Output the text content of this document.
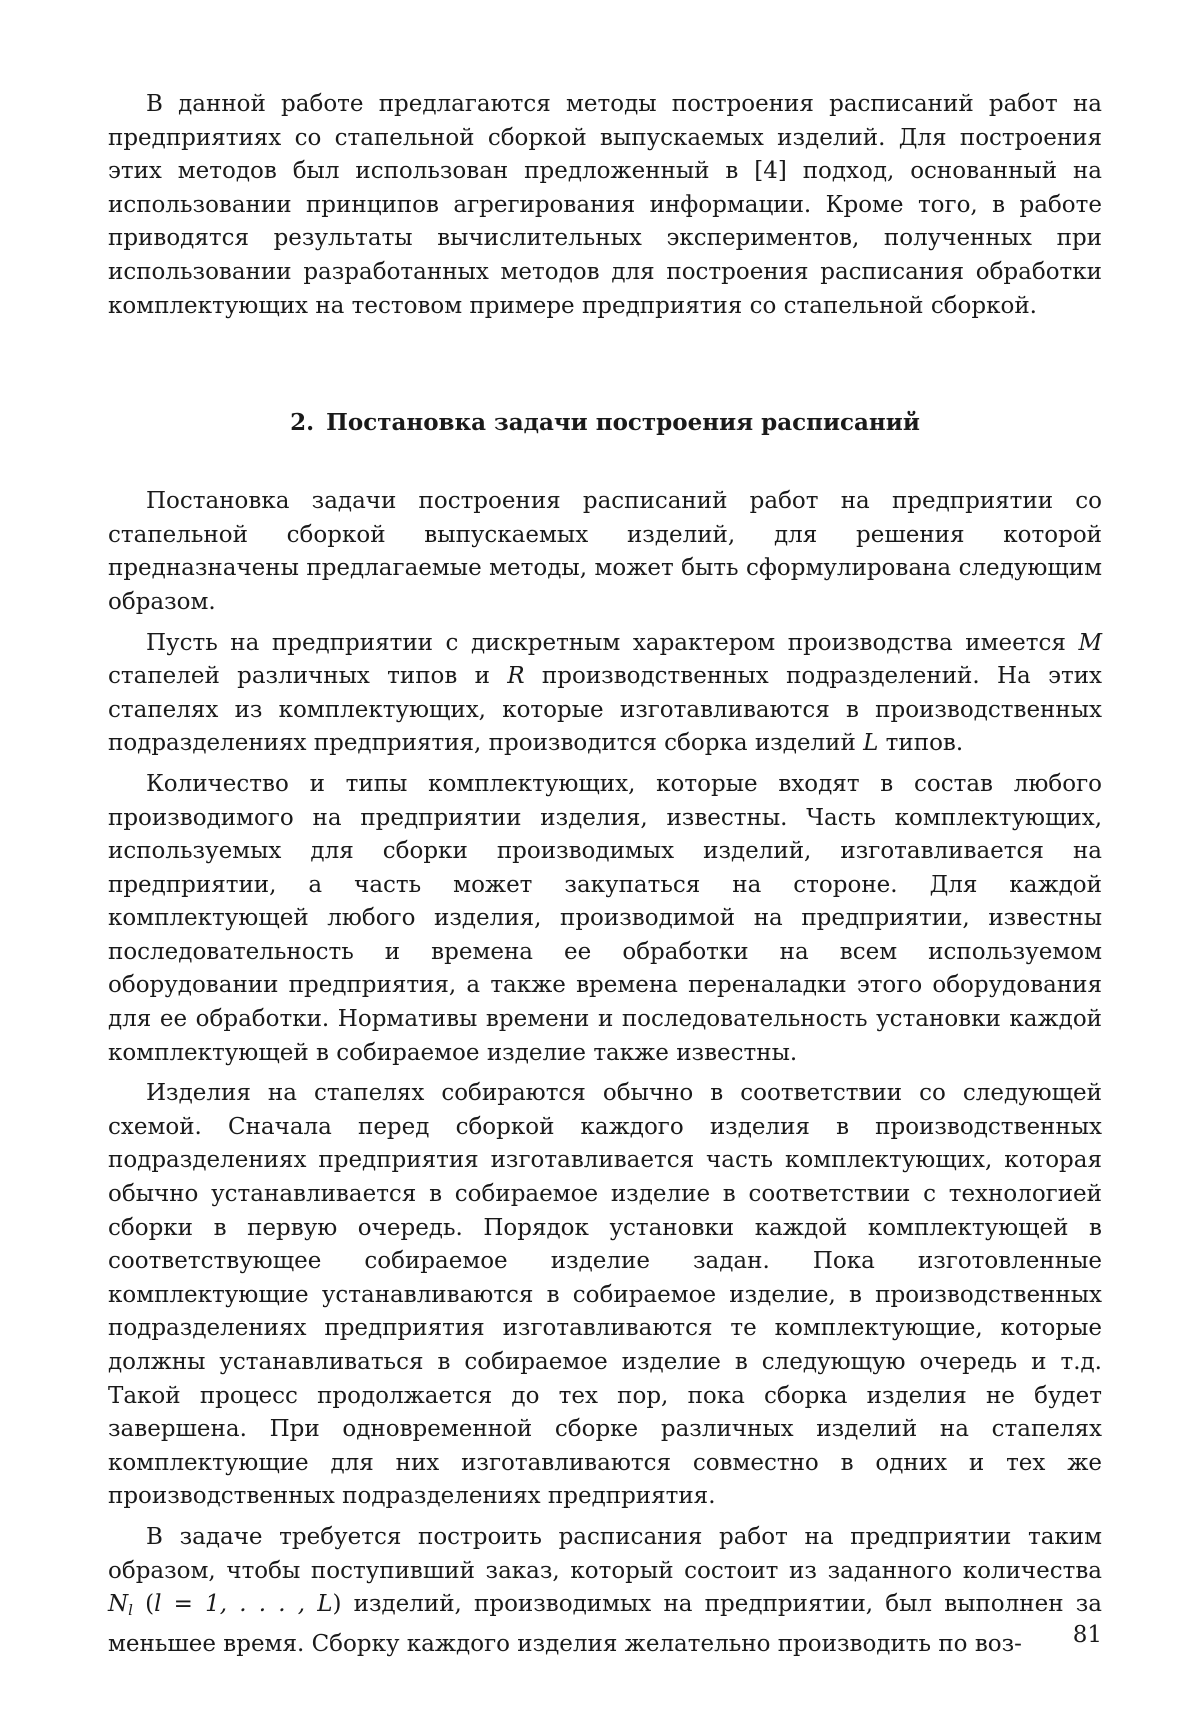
В данной работе предлагаются методы построения расписаний работ на предприятиях со стапельной сборкой выпускаемых изделий. Для построения этих методов был использован предложенный в [4] подход, основанный на использовании принципов агрегирования информации. Кроме того, в работе приводятся результаты вычислительных экспериментов, полученных при использовании разработанных методов для построения расписания обработки комплектующих на тестовом примере предприятия со стапельной сборкой.

2. Постановка задачи построения расписаний

Постановка задачи построения расписаний работ на предприятии со стапельной сборкой выпускаемых изделий, для решения которой предназначены предлагаемые методы, может быть сформулирована следующим образом.

Пусть на предприятии с дискретным характером производства имеется M стапелей различных типов и R производственных подразделений. На этих стапелях из комплектующих, которые изготавливаются в производственных подразделениях предприятия, производится сборка изделий L типов.

Количество и типы комплектующих, которые входят в состав любого производимого на предприятии изделия, известны. Часть комплектующих, используемых для сборки производимых изделий, изготавливается на предприятии, а часть может закупаться на стороне. Для каждой комплектующей любого изделия, производимой на предприятии, известны последовательность и времена ее обработки на всем используемом оборудовании предприятия, а также времена переналадки этого оборудования для ее обработки. Нормативы времени и последовательность установки каждой комплектующей в собираемое изделие также известны.

Изделия на стапелях собираются обычно в соответствии со следующей схемой. Сначала перед сборкой каждого изделия в производственных подразделениях предприятия изготавливается часть комплектующих, которая обычно устанавливается в собираемое изделие в соответствии с технологией сборки в первую очередь. Порядок установки каждой комплектующей в соответствующее собираемое изделие задан. Пока изготовленные комплектующие устанавливаются в собираемое изделие, в производственных подразделениях предприятия изготавливаются те комплектующие, которые должны устанавливаться в собираемое изделие в следующую очередь и т.д. Такой процесс продолжается до тех пор, пока сборка изделия не будет завершена. При одновременной сборке различных изделий на стапелях комплектующие для них изготавливаются совместно в одних и тех же производственных подразделениях предприятия.

В задаче требуется построить расписания работ на предприятии таким образом, чтобы поступивший заказ, который состоит из заданного количества $N_l$ (l = 1, . . . , L) изделий, производимых на предприятии, был выполнен за меньшее время. Сборку каждого изделия желательно производить по воз-	81
